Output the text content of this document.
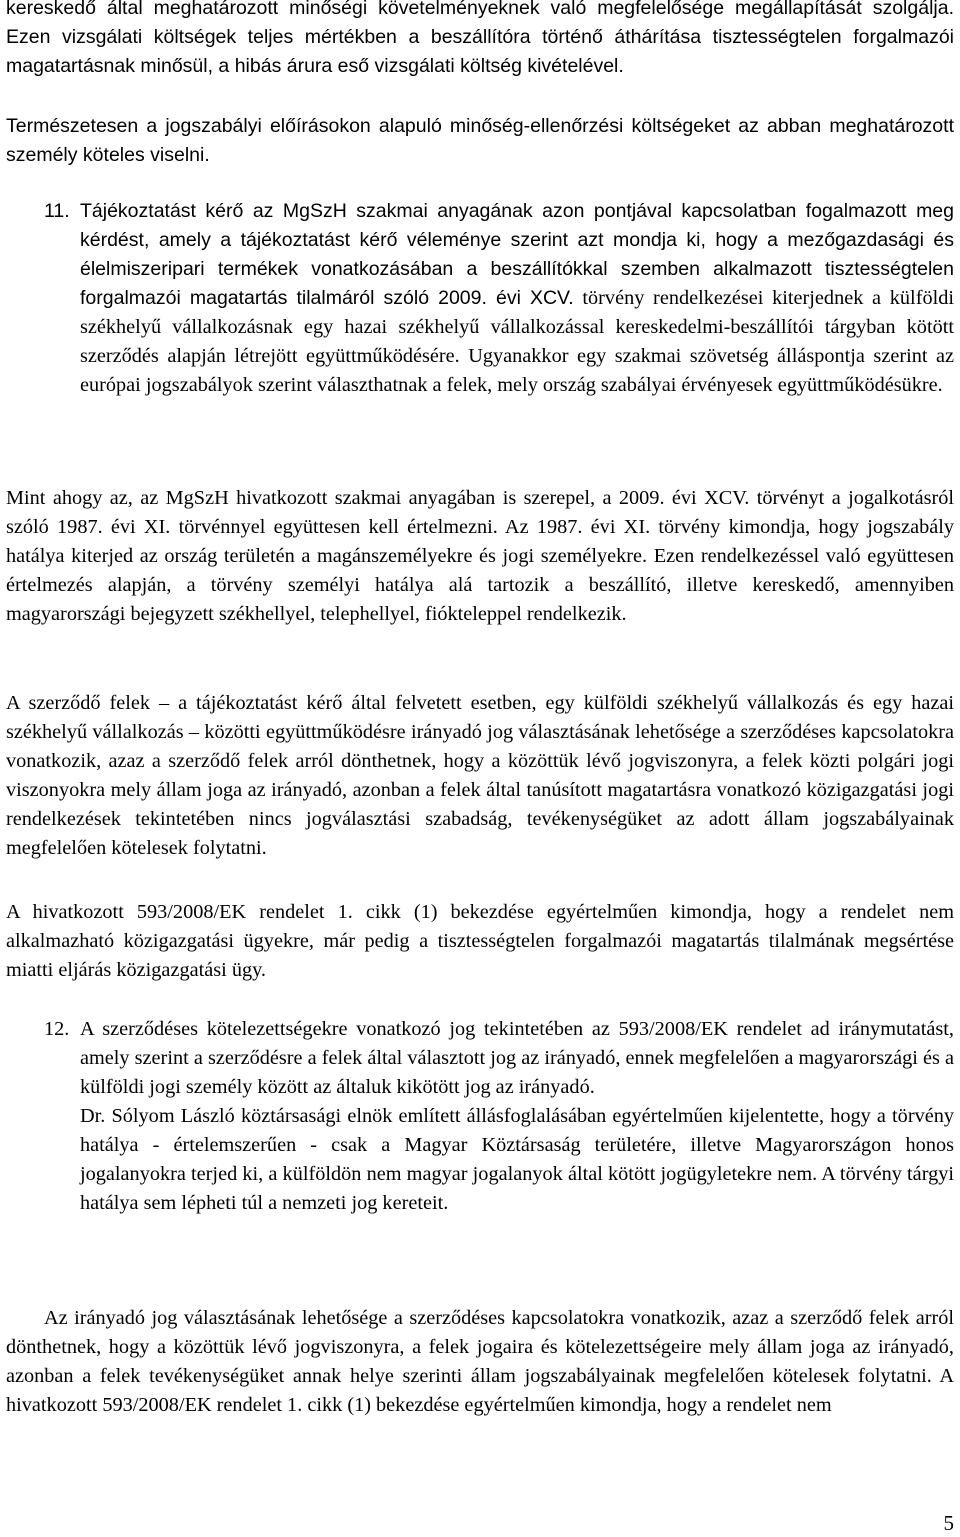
kereskedő által meghatározott minőségi követelményeknek való megfelelősége megállapítását szolgálja. Ezen vizsgálati költségek teljes mértékben a beszállítóra történő áthárítása tisztességtelen forgalmazói magatartásnak minősül, a hibás árura eső vizsgálati költség kivételével.

Természetesen a jogszabályi előírásokon alapuló minőség-ellenőrzési költségeket az abban meghatározott személy köteles viselni.

11. Tájékoztatást kérő az MgSzH szakmai anyagának azon pontjával kapcsolatban fogalmazott meg kérdést, amely a tájékoztatást kérő véleménye szerint azt mondja ki, hogy a mezőgazdasági és élelmiszeripari termékek vonatkozásában a beszállítókkal szemben alkalmazott tisztességtelen forgalmazói magatartás tilalmáról szóló 2009. évi XCV. törvény rendelkezései kiterjednek a külföldi székhelyű vállalkozásnak egy hazai székhelyű vállalkozással kereskedelmi-beszállítói tárgyban kötött szerződés alapján létrejött együttműködésére. Ugyanakkor egy szakmai szövetség álláspontja szerint az európai jogszabályok szerint választhatnak a felek, mely ország szabályai érvényesek együttműködésükre.

Mint ahogy az, az MgSzH hivatkozott szakmai anyagában is szerepel, a 2009. évi XCV. törvényt a jogalkotásról szóló 1987. évi XI. törvénnyel együttesen kell értelmezni. Az 1987. évi XI. törvény kimondja, hogy jogszabály hatálya kiterjed az ország területén a magánszemélyekre és jogi személyekre. Ezen rendelkezéssel való együttesen értelmezés alapján, a törvény személyi hatálya alá tartozik a beszállító, illetve kereskedő, amennyiben magyarországi bejegyzett székhellyel, telephellyel, fiókteleppel rendelkezik.

A szerződő felek – a tájékoztatást kérő által felvetett esetben, egy külföldi székhelyű vállalkozás és egy hazai székhelyű vállalkozás – közötti együttműködésre irányadó jog választásának lehetősége a szerződéses kapcsolatokra vonatkozik, azaz a szerződő felek arról dönthetnek, hogy a közöttük lévő jogviszonyra, a felek közti polgári jogi viszonyokra mely állam joga az irányadó, azonban a felek által tanúsított magatartásra vonatkozó közigazgatási jogi rendelkezések tekintetében nincs jogválasztási szabadság, tevékenységüket az adott állam jogszabályainak megfelelően kötelesek folytatni.

A hivatkozott 593/2008/EK rendelet 1. cikk (1) bekezdése egyértelműen kimondja, hogy a rendelet nem alkalmazható közigazgatási ügyekre, már pedig a tisztességtelen forgalmazói magatartás tilalmának megsértése miatti eljárás közigazgatási ügy.

12. A szerződéses kötelezettségekre vonatkozó jog tekintetében az 593/2008/EK rendelet ad iránymutatást, amely szerint a szerződésre a felek által választott jog az irányadó, ennek megfelelően a magyarországi és a külföldi jogi személy között az általuk kikötött jog az irányadó.

Dr. Sólyom László köztársasági elnök említett állásfoglalásában egyértelműen kijelentette, hogy a törvény hatálya - értelemszerűen - csak a Magyar Köztársaság területére, illetve Magyarországon honos jogalanyokra terjed ki, a külföldön nem magyar jogalanyok által kötött jogügyletekre nem. A törvény tárgyi hatálya sem lépheti túl a nemzeti jog kereteit.

Az irányadó jog választásának lehetősége a szerződéses kapcsolatokra vonatkozik, azaz a szerződő felek arról dönthetnek, hogy a közöttük lévő jogviszonyra, a felek jogaira és kötelezettségeire mely állam joga az irányadó, azonban a felek tevékenységüket annak helye szerinti állam jogszabályainak megfelelően kötelesek folytatni. A hivatkozott 593/2008/EK rendelet 1. cikk (1) bekezdése egyértelműen kimondja, hogy a rendelet nem

5
